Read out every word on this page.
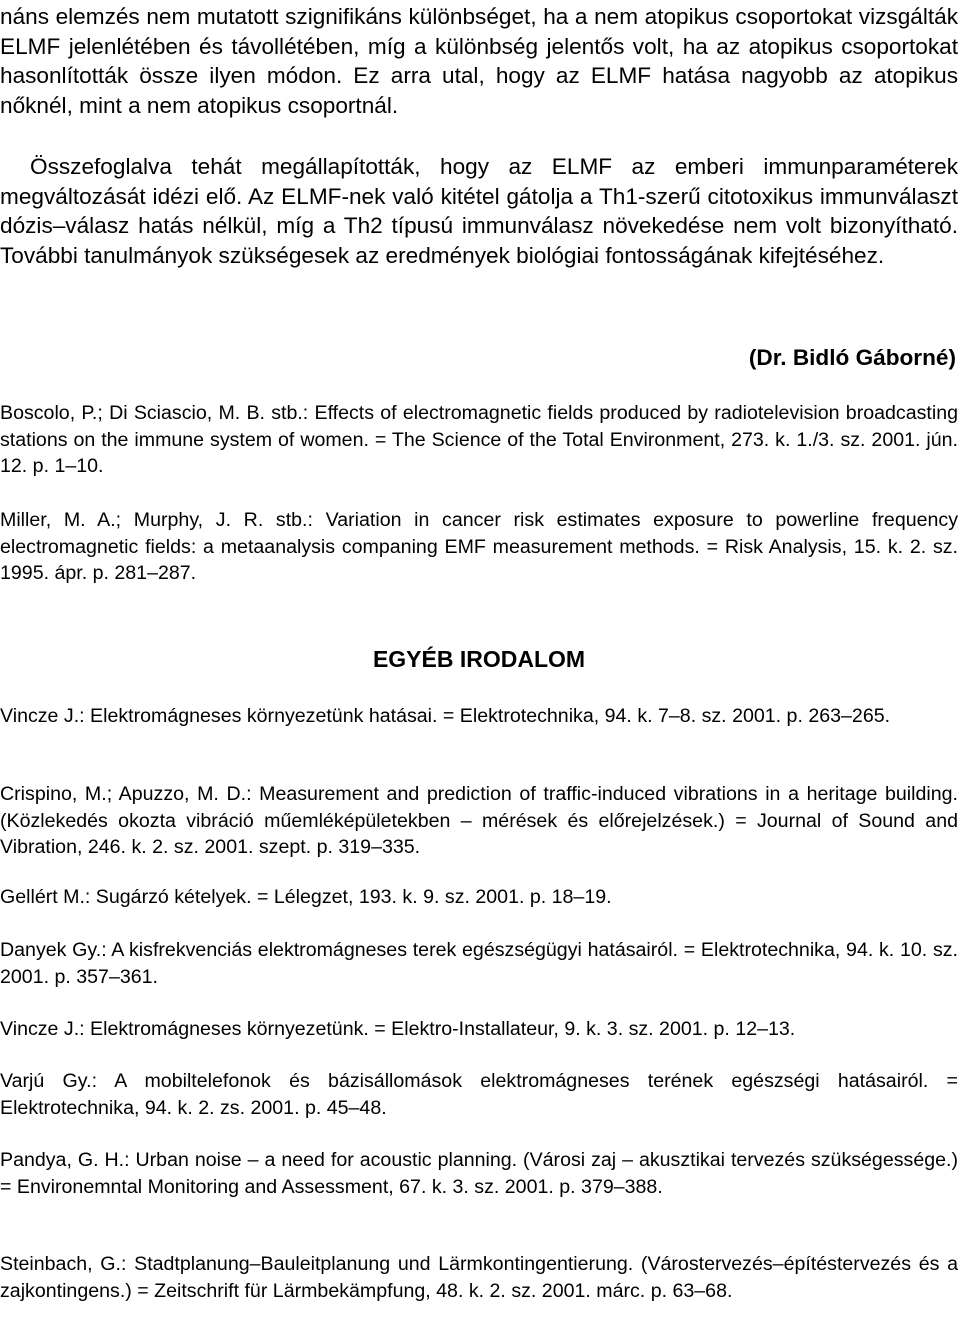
náns elemzés nem mutatott szignifikáns különbséget, ha a nem atopikus csoportokat vizsgálták ELMF jelenlétében és távollétében, míg a különbség jelentős volt, ha az atopikus csoportokat hasonlították össze ilyen módon. Ez arra utal, hogy az ELMF hatása nagyobb az atopikus nőknél, mint a nem atopikus csoportnál.

Összefoglalva tehát megállapították, hogy az ELMF az emberi immunparaméterek megváltozását idézi elő. Az ELMF-nek való kitétel gátolja a Th1-szerű citotoxikus immunválaszt dózis–válasz hatás nélkül, míg a Th2 típusú immunválasz növekedése nem volt bizonyítható. További tanulmányok szükségesek az eredmények biológiai fontosságának kifejtéséhez.

(Dr. Bidló Gáborné)

Boscolo, P.; Di Sciascio, M. B. stb.: Effects of electromagnetic fields produced by radiotelevision broadcasting stations on the immune system of women. = The Science of the Total Environment, 273. k. 1./3. sz. 2001. jún. 12. p. 1–10.

Miller, M. A.; Murphy, J. R. stb.: Variation in cancer risk estimates exposure to powerline frequency electromagnetic fields: a metaanalysis companing EMF measurement methods. = Risk Analysis, 15. k. 2. sz. 1995. ápr. p. 281–287.

EGYÉB IRODALOM

Vincze J.: Elektromágneses környezetünk hatásai. = Elektrotechnika, 94. k. 7–8. sz. 2001. p. 263–265.

Crispino, M.; Apuzzo, M. D.: Measurement and prediction of traffic-induced vibrations in a heritage building. (Közlekedés okozta vibráció műemléképületekben – mérések és előrejelzések.) = Journal of Sound and Vibration, 246. k. 2. sz. 2001. szept. p. 319–335.

Gellért M.: Sugárzó kételyek. = Lélegzet, 193. k. 9. sz. 2001. p. 18–19.

Danyek Gy.: A kisfrekvenciás elektromágneses terek egészségügyi hatásairól. = Elektrotechnika, 94. k. 10. sz. 2001. p. 357–361.

Vincze J.: Elektromágneses környezetünk. = Elektro-Installateur, 9. k. 3. sz. 2001. p. 12–13.

Varjú Gy.: A mobiltelefonok és bázisállomások elektromágneses terének egészségi hatásairól. = Elektrotechnika, 94. k. 2. zs. 2001. p. 45–48.

Pandya, G. H.: Urban noise – a need for acoustic planning. (Városi zaj – akusztikai tervezés szükségessége.) = Environemntal Monitoring and Assessment, 67. k. 3. sz. 2001. p. 379–388.

Steinbach, G.: Stadtplanung–Bauleitplanung und Lärmkontingentierung. (Várostervezés–építéstervezés és a zajkontingens.) = Zeitschrift für Lärmbekämpfung, 48. k. 2. sz. 2001. márc. p. 63–68.
